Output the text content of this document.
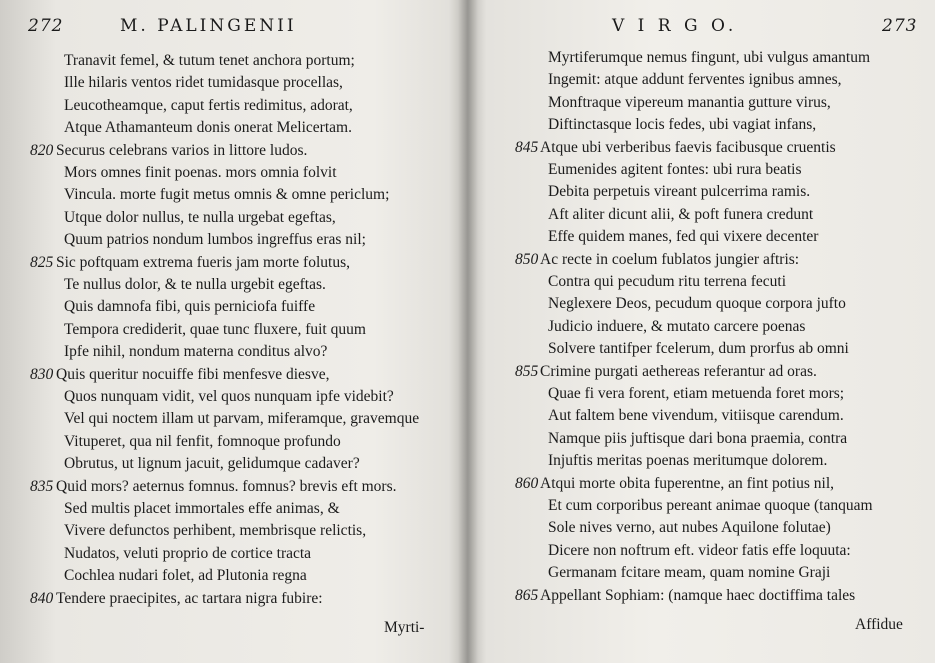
272	M. PALINGENII
Tranavit femel, & tutum tenet anchora portum;
Ille hilaris ventos ridet tumidasque procellas,
Leucotheamque, caput fertis redimitus, adorat,
Atque Athamanteum donis onerat Melicertam.
820 Securus celebrans varios in littore ludos.
Mors omnes finit poenas. mors omnia folvit
Vincula. morte fugit metus omnis & omne periclum;
Utque dolor nullus, te nulla urgebat egeftas,
Quum patrios nondum lumbos ingreffus eras nil;
825 Sic poftquam extrema fueris jam morte folutus,
Te nullus dolor, & te nulla urgebit egeftas.
Quis damnofa fibi, quis perniciofa fuiffe
Tempora crediderit, quae tunc fluxere, fuit quum
Ipfe nihil, nondum materna conditus alvo?
830 Quis queritur nocuiffe fibi menfesve diesve,
Quos nunquam vidit, vel quos nunquam ipfe videbit?
Vel qui noctem illam ut parvam, miferamque, gravemque
Vituperet, qua nil fenfit, fomnoque profundo
Obrutus, ut lignum jacuit, gelidumque cadaver?
835 Quid mors? aeternus fomnus. fomnus? brevis eft mors.
Sed multis placet immortales effe animas, &
Vivere defunctos perhibent, membrisque relictis,
Nudatos, veluti proprio de cortice tracta
Cochlea nudari folet, ad Plutonia regna
840 Tendere praecipites, ac tartara nigra fubire:
Myrti-
V I R G O.	273
Myrtiferumque nemus fingunt, ubi vulgus amantum
Ingemit: atque addunt ferventes ignibus amnes,
Monftraque vipereum manantia gutture virus,
Diftinctasque locis fedes, ubi vagiat infans,
845 Atque ubi verberibus faevis facibusque cruentis
Eumenides agitent fontes: ubi rura beatis
Debita perpetuis vireant pulcerrima ramis.
Aft aliter dicunt alii, & poft funera credunt
Effe quidem manes, fed qui vixere decenter
850 Ac recte in coelum fublatos jungier aftris:
Contra qui pecudum ritu terrena fecuti
Neglexere Deos, pecudum quoque corpora jufto
Judicio induere, & mutato carcere poenas
Solvere tantifper fcelerum, dum prorfus ab omni
855 Crimine purgati aethereas referantur ad oras.
Quae fi vera forent, etiam metuenda foret mors;
Aut faltem bene vivendum, vitiisque carendum.
Namque piis juftisque dari bona praemia, contra
Injuftis meritas poenas meritumque dolorem.
860 Atqui morte obita fuperentne, an fint potius nil,
Et cum corporibus pereant animae quoque (tanquam
Sole nives verno, aut nubes Aquilone folutae)
Dicere non noftrum eft. videor fatis effe loquuta:
Germanam fcitare meam, quam nomine Graji
865 Appellant Sophiam: (namque haec doctiffima tales
Affidue
